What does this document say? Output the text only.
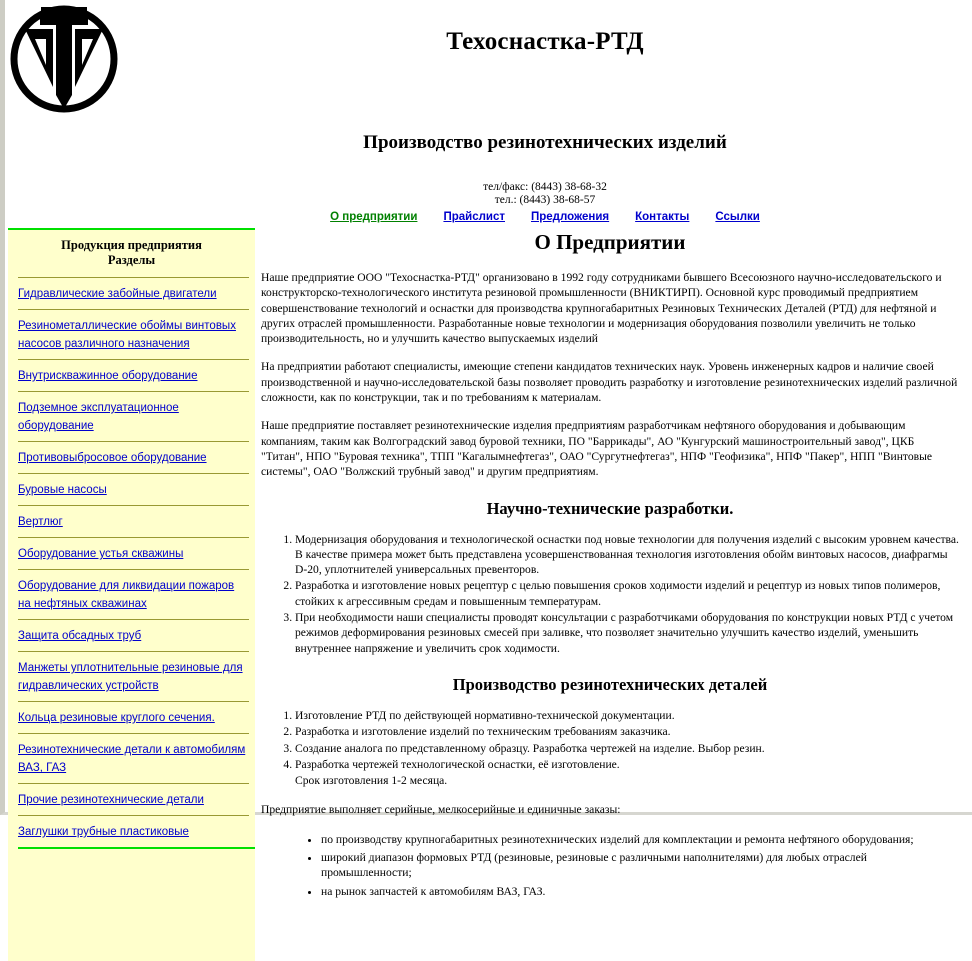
Техоснастка-РТД
Производство резинотехнических изделий
тел/факс: (8443) 38-68-32
тел.: (8443) 38-68-57
О предприятии Прайслист Предложения Контакты Ссылки
Продукция предприятия
Разделы
Гидравлические забойные двигатели
Резинометаллические обоймы винтовых насосов различного назначения
Внутрискважинное оборудование
Подземное эксплуатационное оборудование
Противовыбросовое оборудование
Буровые насосы
Вертлюг
Оборудование устья скважины
Оборудование для ликвидации пожаров на нефтяных скважинах
Защита обсадных труб
Манжеты уплотнительные резиновые для гидравлических устройств
Кольца резиновые круглого сечения.
Резинотехнические детали к автомобилям ВАЗ, ГАЗ
Прочие резинотехнические детали
Заглушки трубные пластиковые
О Предприятии

Наше предприятие ООО "Техоснастка-РТД" организовано в 1992 году сотрудниками бывшего Всесоюзного научно-исследовательского и конструкторско-технологического института резиновой промышленности (ВНИКТИРП). Основной курс проводимый предприятием совершенствование технологий и оснастки для производства крупногабаритных Резиновых Технических Деталей (РТД) для нефтяной и других отраслей промышленности. Разработанные новые технологии и модернизация оборудования позволили увеличить не только производительность, но и улучшить качество выпускаемых изделий

На предприятии работают специалисты, имеющие степени кандидатов технических наук. Уровень инженерных кадров и наличие своей производственной и научно-исследовательской базы позволяет проводить разработку и изготовление резинотехнических изделий различной сложности, как по конструкции, так и по требованиям к материалам.

Наше предприятие поставляет резинотехнические изделия предприятиям разработчикам нефтяного оборудования и добывающим компаниям, таким как Волгоградский завод буровой техники, ПО "Баррикады", АО "Кунгурский машиностроительный завод", ЦКБ "Титан", НПО "Буровая техника", ТПП "Кагалымнефтегаз", ОАО "Сургутнефтегаз", НПФ "Геофизика", НПФ "Пакер", НПП "Винтовые системы", ОАО "Волжский трубный завод" и другим предприятиям.

Научно-технические разработки.
1. Модернизация оборудования и технологической оснастки под новые технологии для получения изделий с высоким уровнем качества. В качестве примера может быть представлена усовершенствованная технология изготовления обойм винтовых насосов, диафрагмы D-20, уплотнителей универсальных превенторов.
2. Разработка и изготовление новых рецептур с целью повышения сроков ходимости изделий и рецептур из новых типов полимеров, стойких к агрессивным средам и повышенным температурам.
3. При необходимости наши специалисты проводят консультации с разработчиками оборудования по конструкции новых РТД с учетом режимов деформирования резиновых смесей при заливке, что позволяет значительно улучшить качество изделий, уменьшить внутреннее напряжение и увеличить срок ходимости.
Производство резинотехнических деталей
1. Изготовление РТД по действующей нормативно-технической документации.
2. Разработка и изготовление изделий по техническим требованиям заказчика.
3. Создание аналога по представленному образцу. Разработка чертежей на изделие. Выбор резин.
4. Разработка чертежей технологической оснастки, её изготовление.
Срок изготовления 1-2 месяца.

Предприятие выполняет серийные, мелкосерийные и единичные заказы:

• по производству крупногабаритных резинотехнических изделий для комплектации и ремонта нефтяного оборудования;
• широкий диапазон формовых РТД (резиновые, резиновые с различными наполнителями) для любых отраслей промышленности;
• на рынок запчастей к автомобилям ВАЗ, ГАЗ.
